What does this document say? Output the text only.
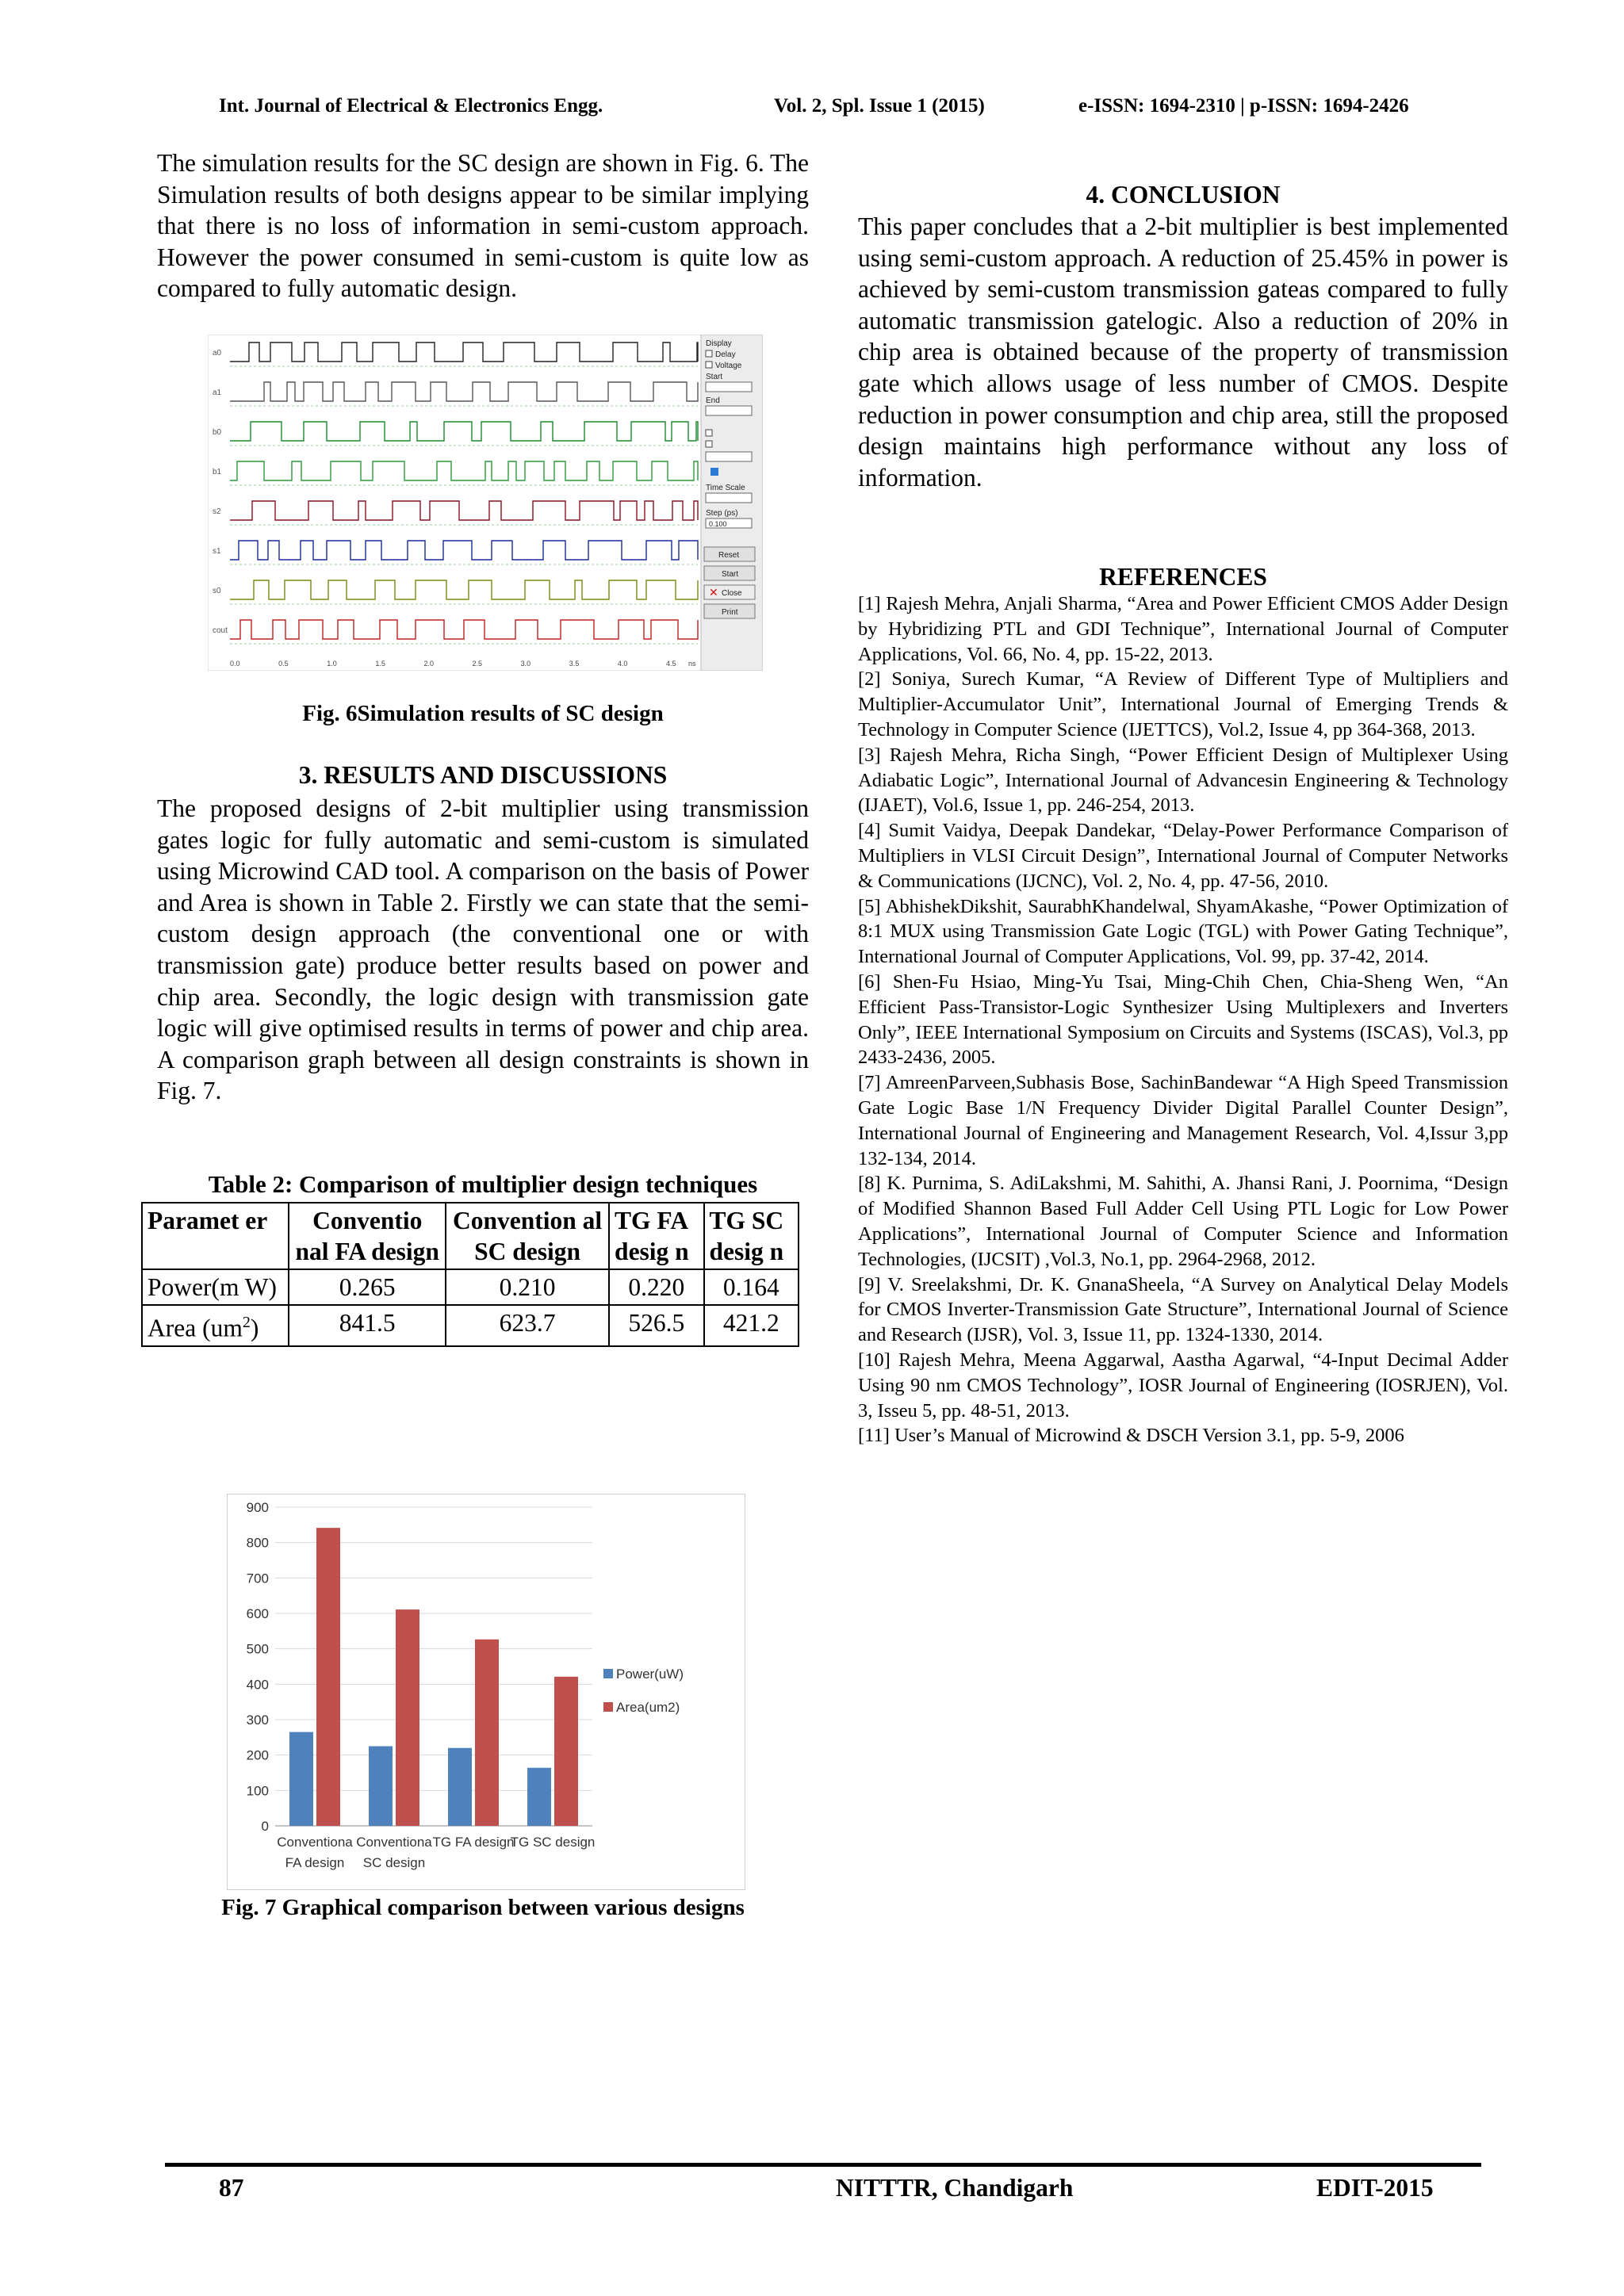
Int. Journal of Electrical & Electronics Engg.	Vol. 2, Spl. Issue 1 (2015)	e-ISSN: 1694-2310 | p-ISSN: 1694-2426
The simulation results for the SC design are shown in Fig. 6. The Simulation results of both designs appear to be similar implying that there is no loss of information in semi-custom approach. However the power consumed in semi-custom is quite low as compared to fully automatic design.
a0
a1
b0
b1
s2
s1
s0
cout
0.0	0.5	1.0	1.5	2.0	2.5	3.0	3.5	4.0	4.5 ns
Display
Delay
Voltage
Start
End
Time Scale
Step (ps)
0.100
Reset
Start
✕ Close
Print
Fig. 6Simulation results of SC design
3. RESULTS AND DISCUSSIONS
The proposed designs of 2-bit multiplier using transmission gates logic for fully automatic and semi-custom is simulated using Microwind CAD tool. A comparison on the basis of Power and Area is shown in Table 2. Firstly we can state that the semi-custom design approach (the conventional one or with transmission gate) produce better results based on power and chip area. Secondly, the logic design with transmission gate logic will give optimised results in terms of power and chip area. A comparison graph between all design constraints is shown in Fig. 7.
Table 2: Comparison of multiplier design techniques
Paramet er	Conventio nal FA design	Convention al SC design	TG FA desig n	TG SC desig n
Power(m W)	0.265	0.210	0.220	0.164
Area $(um^2)$	841.5	623.7	526.5	421.2
0
100
200
300
400
500
600
700
800
900
Conventiona
FA design
Conventiona
SC design
TG FA design
TG SC design
Power(uW)
Area(um2)
Fig. 7 Graphical comparison between various designs
4. CONCLUSION
This paper concludes that a 2-bit multiplier is best implemented using semi-custom approach. A reduction of 25.45% in power is achieved by semi-custom transmission gateas compared to fully automatic transmission gatelogic. Also a reduction of 20% in chip area is obtained because of the property of transmission gate which allows usage of less number of CMOS. Despite reduction in power consumption and chip area, still the proposed design maintains high performance without any loss of information.
REFERENCES

[1] Rajesh Mehra, Anjali Sharma, “Area and Power Efficient CMOS Adder Design by Hybridizing PTL and GDI Technique”, International Journal of Computer Applications, Vol. 66, No. 4, pp. 15-22, 2013.

[2] Soniya, Surech Kumar, “A Review of Different Type of Multipliers and Multiplier-Accumulator Unit”, International Journal of Emerging Trends & Technology in Computer Science (IJETTCS), Vol.2, Issue 4, pp 364-368, 2013.

[3] Rajesh Mehra, Richa Singh, “Power Efficient Design of Multiplexer Using Adiabatic Logic”, International Journal of Advancesin Engineering & Technology (IJAET), Vol.6, Issue 1, pp. 246-254, 2013.

[4] Sumit Vaidya, Deepak Dandekar, “Delay-Power Performance Comparison of Multipliers in VLSI Circuit Design”, International Journal of Computer Networks & Communications (IJCNC), Vol. 2, No. 4, pp. 47-56, 2010.

[5] AbhishekDikshit, SaurabhKhandelwal, ShyamAkashe, “Power Optimization of 8:1 MUX using Transmission Gate Logic (TGL) with Power Gating Technique”, International Journal of Computer Applications, Vol. 99, pp. 37-42, 2014.

[6] Shen-Fu Hsiao, Ming-Yu Tsai, Ming-Chih Chen, Chia-Sheng Wen, “An Efficient Pass-Transistor-Logic Synthesizer Using Multiplexers and Inverters Only”, IEEE International Symposium on Circuits and Systems (ISCAS), Vol.3, pp 2433-2436, 2005.

[7] AmreenParveen,Subhasis Bose, SachinBandewar “A High Speed Transmission Gate Logic Base 1/N Frequency Divider Digital Parallel Counter Design”, International Journal of Engineering and Management Research, Vol. 4,Issur 3,pp 132-134, 2014.

[8] K. Purnima, S. AdiLakshmi, M. Sahithi, A. Jhansi Rani, J. Poornima, “Design of Modified Shannon Based Full Adder Cell Using PTL Logic for Low Power Applications”, International Journal of Computer Science and Information Technologies, (IJCSIT) ,Vol.3, No.1, pp. 2964-2968, 2012.

[9] V. Sreelakshmi, Dr. K. GnanaSheela, “A Survey on Analytical Delay Models for CMOS Inverter-Transmission Gate Structure”, International Journal of Science and Research (IJSR), Vol. 3, Issue 11, pp. 1324-1330, 2014.

[10] Rajesh Mehra, Meena Aggarwal, Aastha Agarwal, “4-Input Decimal Adder Using 90 nm CMOS Technology”, IOSR Journal of Engineering (IOSRJEN), Vol. 3, Isseu 5, pp. 48-51, 2013.

[11] User’s Manual of Microwind & DSCH Version 3.1, pp. 5-9, 2006

87	NITTTR, Chandigarh	EDIT-2015
